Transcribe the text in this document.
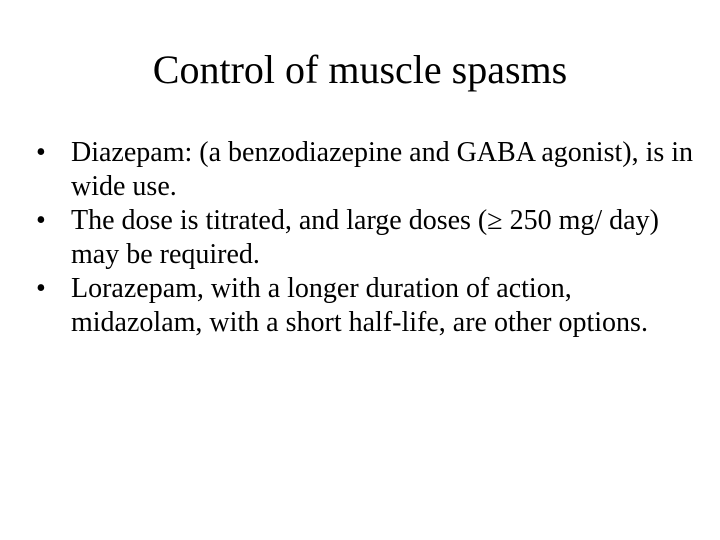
Control of muscle spasms
• Diazepam: (a benzodiazepine and GABA agonist), is in wide use.
• The dose is titrated, and large doses (≥ 250 mg/ day) may be required.
• Lorazepam, with a longer duration of action, midazolam, with a short half-life, are other options.
